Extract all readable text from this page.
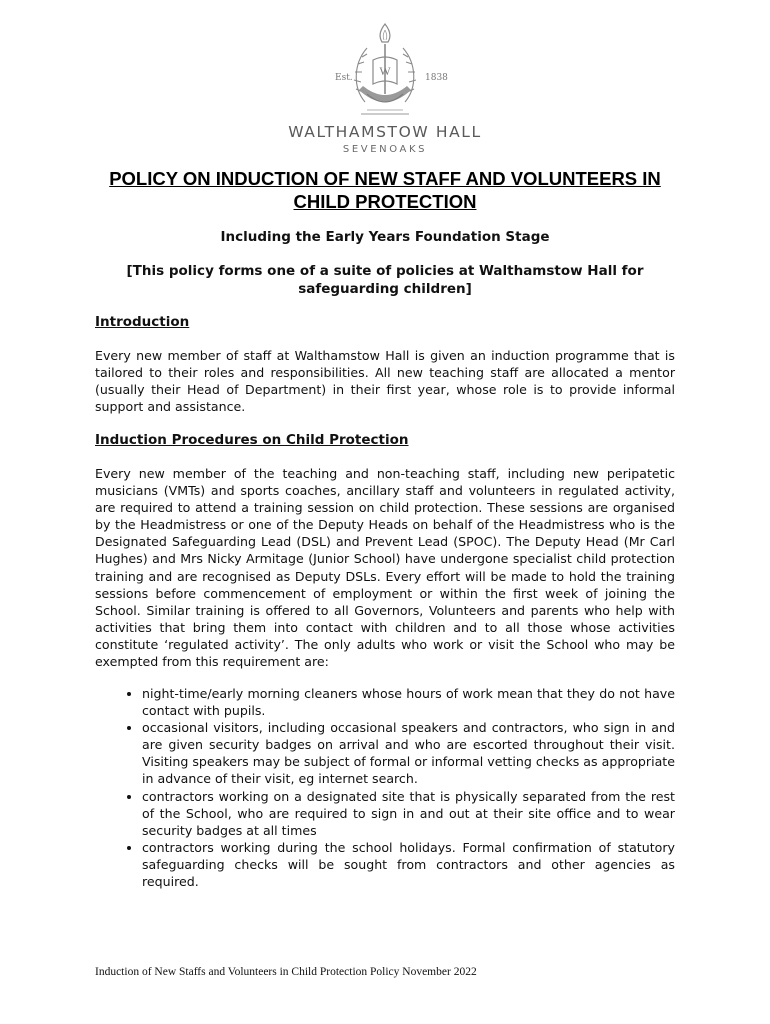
W
Est.	1838
WALTHAMSTOW HALL
SEVENOAKS
POLICY ON INDUCTION OF NEW STAFF AND VOLUNTEERS IN CHILD PROTECTION
Including the Early Years Foundation Stage
[This policy forms one of a suite of policies at Walthamstow Hall for safeguarding children]
Introduction
Every new member of staff at Walthamstow Hall is given an induction programme that is tailored to their roles and responsibilities. All new teaching staff are allocated a mentor (usually their Head of Department) in their first year, whose role is to provide informal support and assistance.
Induction Procedures on Child Protection
Every new member of the teaching and non-teaching staff, including new peripatetic musicians (VMTs) and sports coaches, ancillary staff and volunteers in regulated activity, are required to attend a training session on child protection. These sessions are organised by the Headmistress or one of the Deputy Heads on behalf of the Headmistress who is the Designated Safeguarding Lead (DSL) and Prevent Lead (SPOC). The Deputy Head (Mr Carl Hughes) and Mrs Nicky Armitage (Junior School) have undergone specialist child protection training and are recognised as Deputy DSLs. Every effort will be made to hold the training sessions before commencement of employment or within the first week of joining the School. Similar training is offered to all Governors, Volunteers and parents who help with activities that bring them into contact with children and to all those whose activities constitute ‘regulated activity’. The only adults who work or visit the School who may be exempted from this requirement are:
• night-time/early morning cleaners whose hours of work mean that they do not have contact with pupils.
• occasional visitors, including occasional speakers and contractors, who sign in and are given security badges on arrival and who are escorted throughout their visit. Visiting speakers may be subject of formal or informal vetting checks as appropriate in advance of their visit, eg internet search.
• contractors working on a designated site that is physically separated from the rest of the School, who are required to sign in and out at their site office and to wear security badges at all times
• contractors working during the school holidays. Formal confirmation of statutory safeguarding checks will be sought from contractors and other agencies as required.
Induction of New Staffs and Volunteers in Child Protection Policy November 2022
